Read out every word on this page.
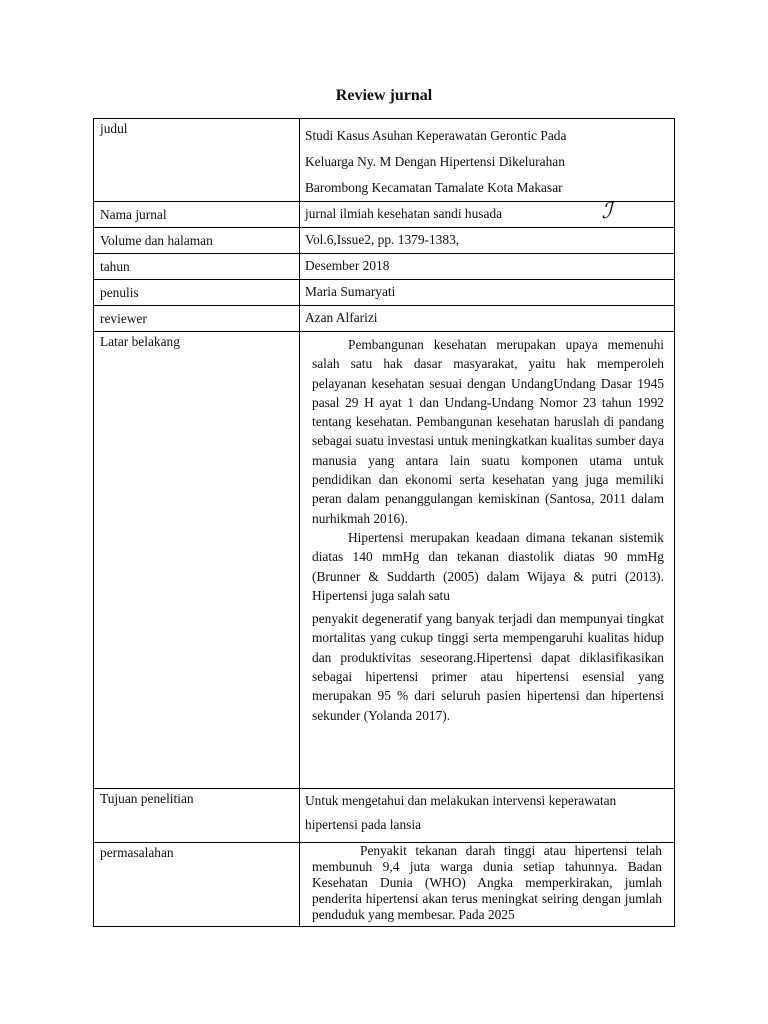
Review jurnal
judul	Studi Kasus Asuhan Keperawatan Gerontic Pada
Keluarga Ny. M Dengan Hipertensi Dikelurahan
Barombong Kecamatan Tamalate Kota Makasar

Nama jurnal	jurnal ilmiah kesehatan sandi husada ℐ

Volume dan halaman	Vol.6,Issue2, pp. 1379-1383,
tahun	Desember 2018
penulis	Maria Sumaryati
reviewer	Azan Alfarizi
Latar belakang	Pembangunan kesehatan merupakan upaya memenuhi salah satu hak dasar masyarakat, yaitu hak memperoleh pelayanan kesehatan sesuai dengan UndangUndang Dasar 1945 pasal 29 H ayat 1 dan Undang-Undang Nomor 23 tahun 1992 tentang kesehatan. Pembangunan kesehatan haruslah di pandang sebagai suatu investasi untuk meningkatkan kualitas sumber daya manusia yang antara lain suatu komponen utama untuk pendidikan dan ekonomi serta kesehatan yang juga memiliki peran dalam penanggulangan kemiskinan (Santosa, 2011 dalam nurhikmah 2016).

Hipertensi merupakan keadaan dimana tekanan sistemik diatas 140 mmHg dan tekanan diastolik diatas 90 mmHg (Brunner & Suddarth (2005) dalam Wijaya & putri (2013). Hipertensi juga salah satu

penyakit degeneratif yang banyak terjadi dan mempunyai tingkat mortalitas yang cukup tinggi serta mempengaruhi kualitas hidup dan produktivitas seseorang.Hipertensi dapat diklasifikasikan sebagai hipertensi primer atau hipertensi esensial yang merupakan 95 % dari seluruh pasien hipertensi dan hipertensi sekunder (Yolanda 2017).

Tujuan penelitian	Untuk mengetahui dan melakukan intervensi keperawatan
hipertensi pada lansia

permasalahan	Penyakit tekanan darah tinggi atau hipertensi telah membunuh 9,4 juta warga dunia setiap tahunnya. Badan Kesehatan Dunia (WHO) Angka memperkirakan, jumlah penderita hipertensi akan terus meningkat seiring dengan jumlah penduduk yang membesar. Pada 2025
